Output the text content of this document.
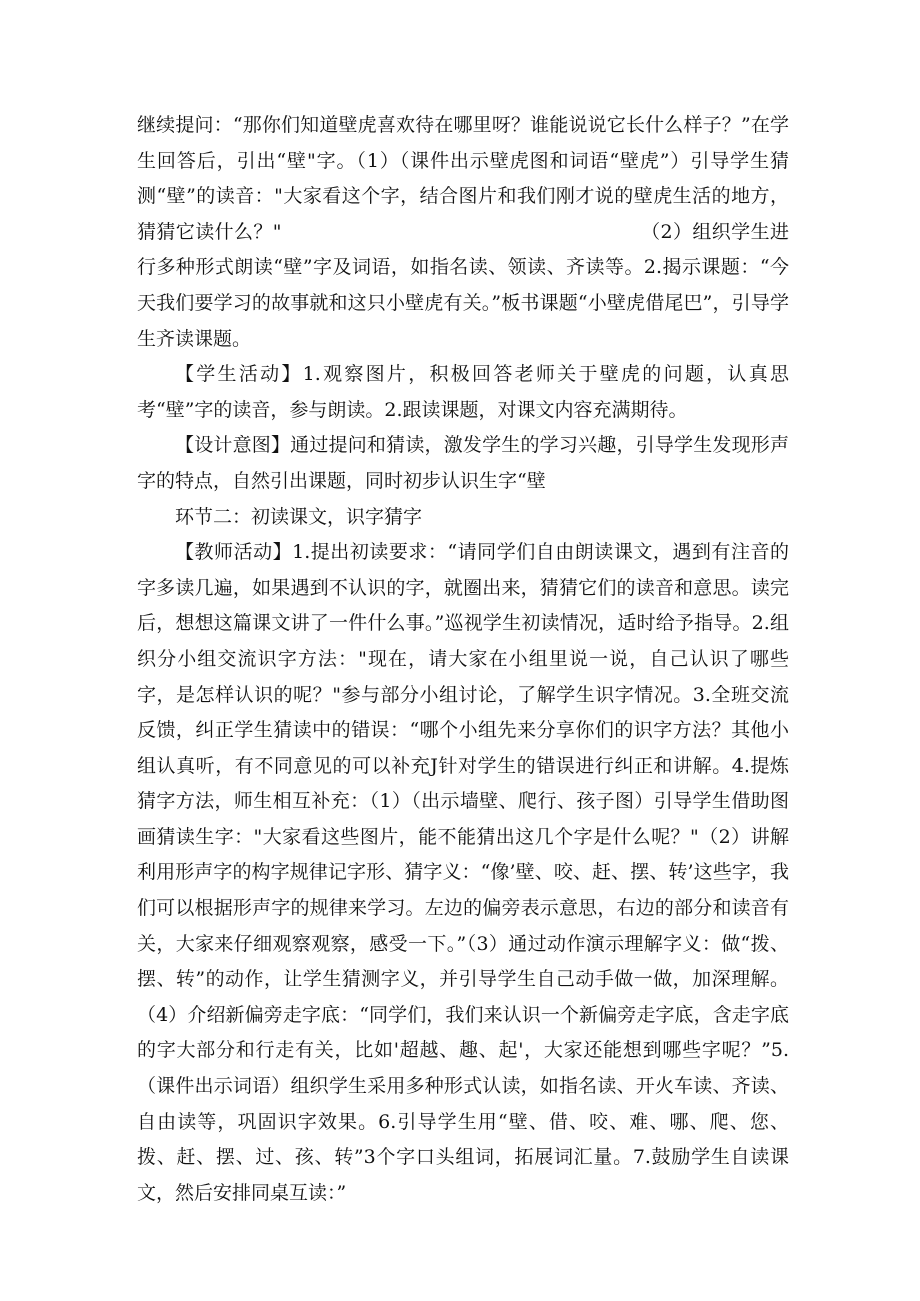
继续提问：“那你们知道壁虎喜欢待在哪里呀？谁能说说它长什么样子？”在学生回答后，引出“壁"字。（1）（课件出示壁虎图和词语“壁虎”）引导学生猜测“壁”的读音："大家看这个字，结合图片和我们刚才说的壁虎生活的地方，猜猜它读什么？"　　　　　　　　　　　　　　　　　　　（2）组织学生进行多种形式朗读“壁”字及词语，如指名读、领读、齐读等。2.揭示课题：“今天我们要学习的故事就和这只小壁虎有关。”板书课题“小壁虎借尾巴”，引导学生齐读课题。

【学生活动】1.观察图片，积极回答老师关于壁虎的问题，认真思考“壁”字的读音，参与朗读。2.跟读课题，对课文内容充满期待。

【设计意图】通过提问和猜读，激发学生的学习兴趣，引导学生发现形声字的特点，自然引出课题，同时初步认识生字“壁

环节二：初读课文，识字猜字

【教师活动】1.提出初读要求：“请同学们自由朗读课文，遇到有注音的字多读几遍，如果遇到不认识的字，就圈出来，猜猜它们的读音和意思。读完后，想想这篇课文讲了一件什么事。”巡视学生初读情况，适时给予指导。2.组织分小组交流识字方法："现在，请大家在小组里说一说，自己认识了哪些字，是怎样认识的呢？"参与部分小组讨论，了解学生识字情况。3.全班交流反馈，纠正学生猜读中的错误：“哪个小组先来分享你们的识字方法？其他小组认真听，有不同意见的可以补充J针对学生的错误进行纠正和讲解。4.提炼猜字方法，师生相互补充：（1）（出示墙壁、爬行、孩子图）引导学生借助图画猜读生字："大家看这些图片，能不能猜出这几个字是什么呢？"（2）讲解利用形声字的构字规律记字形、猜字义：“像’壁、咬、赶、摆、转’这些字，我们可以根据形声字的规律来学习。左边的偏旁表示意思，右边的部分和读音有关，大家来仔细观察观察，感受一下。”（3）通过动作演示理解字义：做“拨、摆、转”的动作，让学生猜测字义，并引导学生自己动手做一做，加深理解。（4）介绍新偏旁走字底：“同学们，我们来认识一个新偏旁走字底，含走字底的字大部分和行走有关，比如'超越、趣、起'，大家还能想到哪些字呢？”5.（课件出示词语）组织学生采用多种形式认读，如指名读、开火车读、齐读、自由读等，巩固识字效果。6.引导学生用“壁、借、咬、难、哪、爬、您、拨、赶、摆、过、孩、转”3个字口头组词，拓展词汇量。7.鼓励学生自读课文，然后安排同桌互读：”
